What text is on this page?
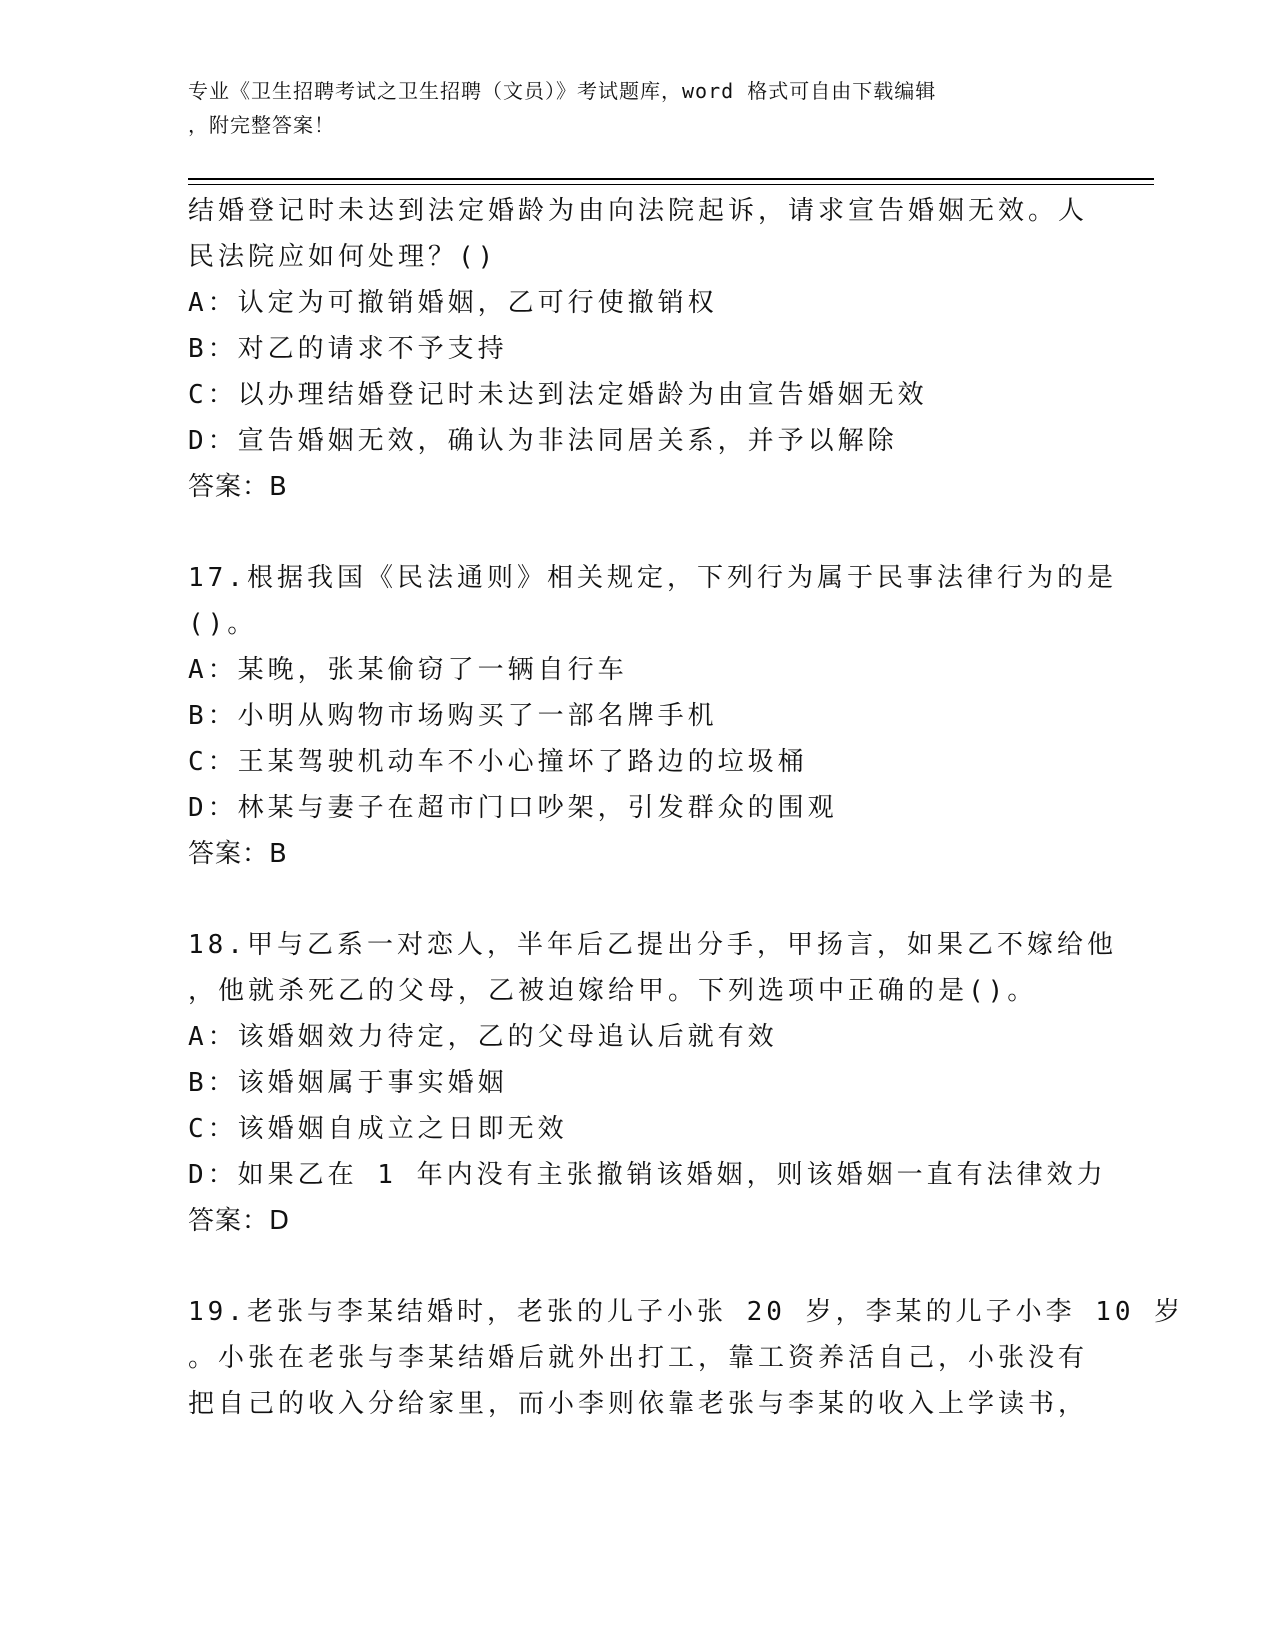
专业《卫生招聘考试之卫生招聘（文员）》考试题库，word 格式可自由下载编辑
，附完整答案！
结婚登记时未达到法定婚龄为由向法院起诉，请求宣告婚姻无效。人
民法院应如何处理？()
A：认定为可撤销婚姻，乙可行使撤销权
B：对乙的请求不予支持
C：以办理结婚登记时未达到法定婚龄为由宣告婚姻无效
D：宣告婚姻无效，确认为非法同居关系，并予以解除
答案：B
17.根据我国《民法通则》相关规定，下列行为属于民事法律行为的是
()。
A：某晚，张某偷窃了一辆自行车
B：小明从购物市场购买了一部名牌手机
C：王某驾驶机动车不小心撞坏了路边的垃圾桶
D：林某与妻子在超市门口吵架，引发群众的围观
答案：B
18.甲与乙系一对恋人，半年后乙提出分手，甲扬言，如果乙不嫁给他
，他就杀死乙的父母，乙被迫嫁给甲。下列选项中正确的是()。
A：该婚姻效力待定，乙的父母追认后就有效
B：该婚姻属于事实婚姻
C：该婚姻自成立之日即无效
D：如果乙在 1 年内没有主张撤销该婚姻，则该婚姻一直有法律效力
答案：D
19.老张与李某结婚时，老张的儿子小张 20 岁，李某的儿子小李 10 岁
。小张在老张与李某结婚后就外出打工，靠工资养活自己，小张没有
把自己的收入分给家里，而小李则依靠老张与李某的收入上学读书，
